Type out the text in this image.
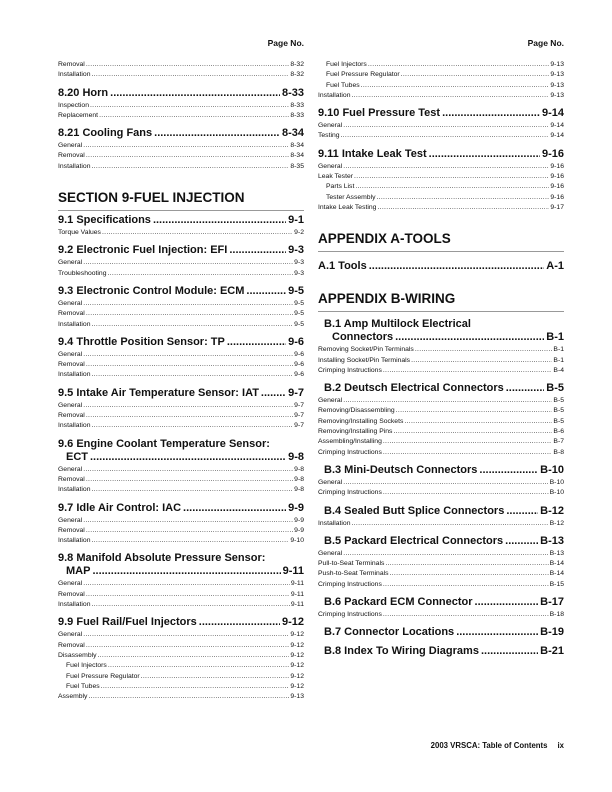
Page No.
Removal .....	8-32
Installation .....	8-32
8.20 Horn .....	8-33
Inspection .....	8-33
Replacement .....	8-33
8.21 Cooling Fans .....	8-34
General .....	8-34
Removal .....	8-34
Installation .....	8-35
SECTION 9-FUEL INJECTION
9.1 Specifications .....	9-1
Torque Values .....	9-2
9.2 Electronic Fuel Injection: EFI .....	9-3
General .....	9-3
Troubleshooting .....	9-3
9.3 Electronic Control Module: ECM .....	9-5
General .....	9-5
Removal .....	9-5
Installation .....	9-5
9.4 Throttle Position Sensor: TP .....	9-6
General .....	9-6
Removal .....	9-6
Installation .....	9-6
9.5 Intake Air Temperature Sensor: IAT .....	9-7
General .....	9-7
Removal .....	9-7
Installation .....	9-7
9.6 Engine Coolant Temperature Sensor:
ECT .....	9-8
General .....	9-8
Removal .....	9-8
Installation .....	9-8
9.7 Idle Air Control: IAC .....	9-9
General .....	9-9
Removal .....	9-9
Installation .....	9-10
9.8 Manifold Absolute Pressure Sensor:
MAP .....	9-11
General .....	9-11
Removal .....	9-11
Installation .....	9-11
9.9 Fuel Rail/Fuel Injectors .....	9-12
General .....	9-12
Removal .....	9-12
Disassembly .....	9-12
Fuel Injectors .....	9-12
Fuel Pressure Regulator .....	9-12
Fuel Tubes .....	9-12
Assembly .....	9-13
Page No.
Fuel Injectors .....	9-13
Fuel Pressure Regulator .....	9-13
Fuel Tubes .....	9-13
Installation .....	9-13
9.10 Fuel Pressure Test .....	9-14
General .....	9-14
Testing .....	9-14
9.11 Intake Leak Test .....	9-16
General .....	9-16
Leak Tester .....	9-16
Parts List .....	9-16
Tester Assembly .....	9-16
Intake Leak Testing .....	9-17
APPENDIX A-TOOLS
A.1 Tools .....	A-1
APPENDIX B-WIRING
B.1 Amp Multilock Electrical
Connectors .....	B-1
Removing Socket/Pin Terminals .....	B-1
Installing Socket/Pin Terminals .....	B-1
Crimping Instructions .....	B-4
B.2 Deutsch Electrical Connectors .....	B-5
General .....	B-5
Removing/Disassembling .....	B-5
Removing/Installing Sockets .....	B-5
Removing/Installing Pins .....	B-6
Assembling/Installing .....	B-7
Crimping Instructions .....	B-8
B.3 Mini-Deutsch Connectors .....	B-10
General .....	B-10
Crimping Instructions .....	B-10
B.4 Sealed Butt Splice Connectors .....	B-12
Installation .....	B-12
B.5 Packard Electrical Connectors .....	B-13
General .....	B-13
Pull-to-Seat Terminals .....	B-14
Push-to-Seat Terminals .....	B-14
Crimping Instructions .....	B-15
B.6 Packard ECM Connector .....	B-17
Crimping Instructions .....	B-18
B.7 Connector Locations .....	B-19
B.8 Index To Wiring Diagrams .....	B-21
2003 VRSCA: Table of Contents ix
